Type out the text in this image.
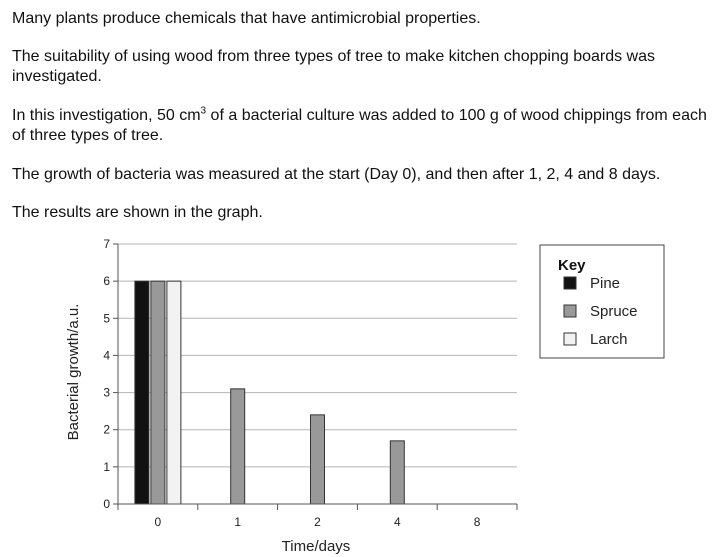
Many plants produce chemicals that have antimicrobial properties.

The suitability of using wood from three types of tree to make kitchen chopping boards was investigated.

In this investigation, 50 $cm^3$ of a bacterial culture was added to 100 g of wood chippings from each of three types of tree.

The growth of bacteria was measured at the start (Day 0), and then after 1, 2, 4 and 8 days.

The results are shown in the graph.

0
1
2
3
4
5
6
7
0	1	2	4	8
Time/days
Bacterial growth/a.u.
Key
Pine
Spruce
Larch
